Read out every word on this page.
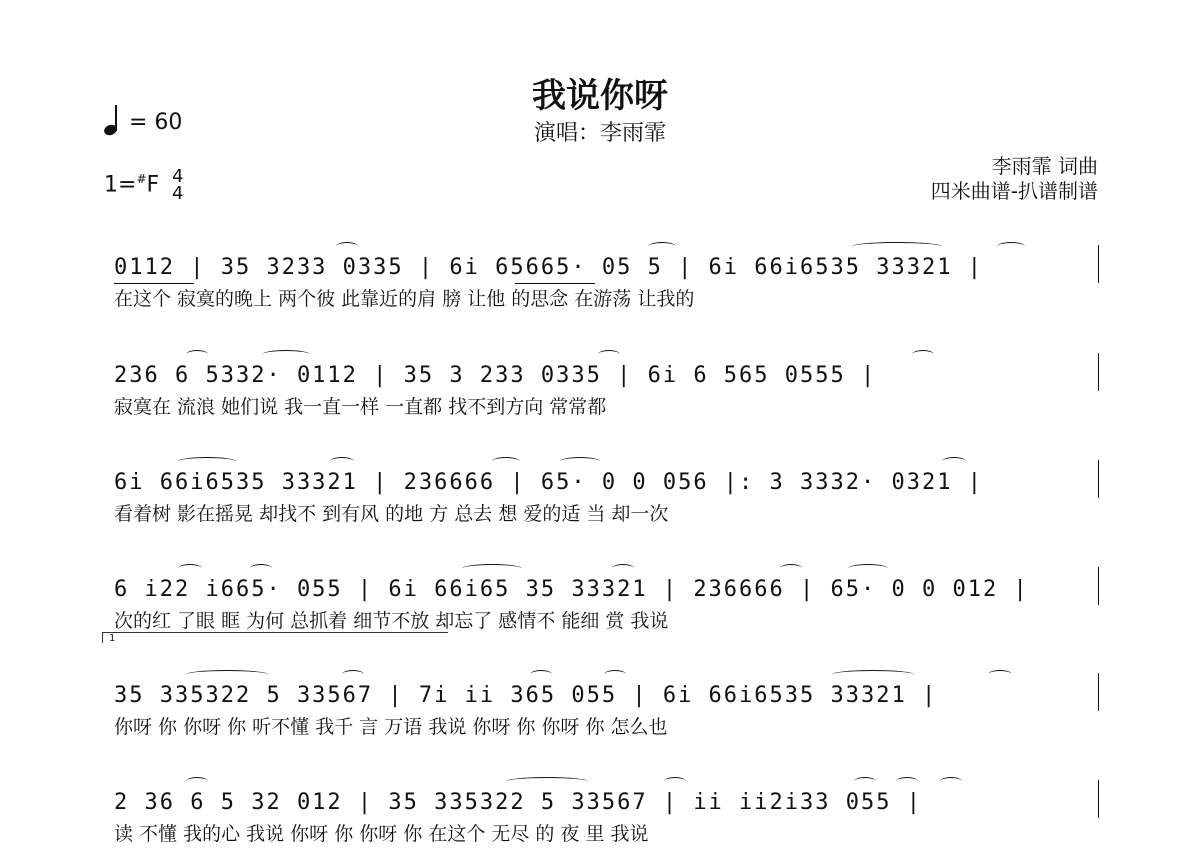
我说你呀
演唱：李雨霏
= 60
1=#F 4
4
李雨霏 词曲
四米曲谱-扒谱制谱
0112 | 35 3233 0335 | 6i 65665· 05 5 | 6i 66i6535 33321 |
在这个 寂寞的晚上 两个彼 此靠近的肩 膀 让他 的思念 在游荡 让我的
236 6 5332· 0112 | 35 3 233 0335 | 6i 6 565 0555 |
寂寞在 流浪 她们说 我一直一样 一直都 找不到方向 常常都
6i 66i6535 33321 | 236666 | 65· 0 0 056 |: 3 3332· 0321 |
看着树 影在摇晃 却找不 到有风 的地 方 总去 想 爱的适 当 却一次
6 i22 i665· 055 | 6i 66i65 35 33321 | 236666 | 65· 0 0 012 |
次的红 了眼 眶 为何 总抓着 细节不放 却忘了 感情不 能细 赏 我说
1
35 335322 5 33567 | 7i ii 365 055 | 6i 66i6535 33321 |
你呀 你 你呀 你 听不懂 我千 言 万语 我说 你呀 你 你呀 你 怎么也
2 36 6 5 32 012 | 35 335322 5 33567 | ii ii2i33 055 |
读 不懂 我的心 我说 你呀 你 你呀 你 在这个 无尽 的 夜 里 我说
